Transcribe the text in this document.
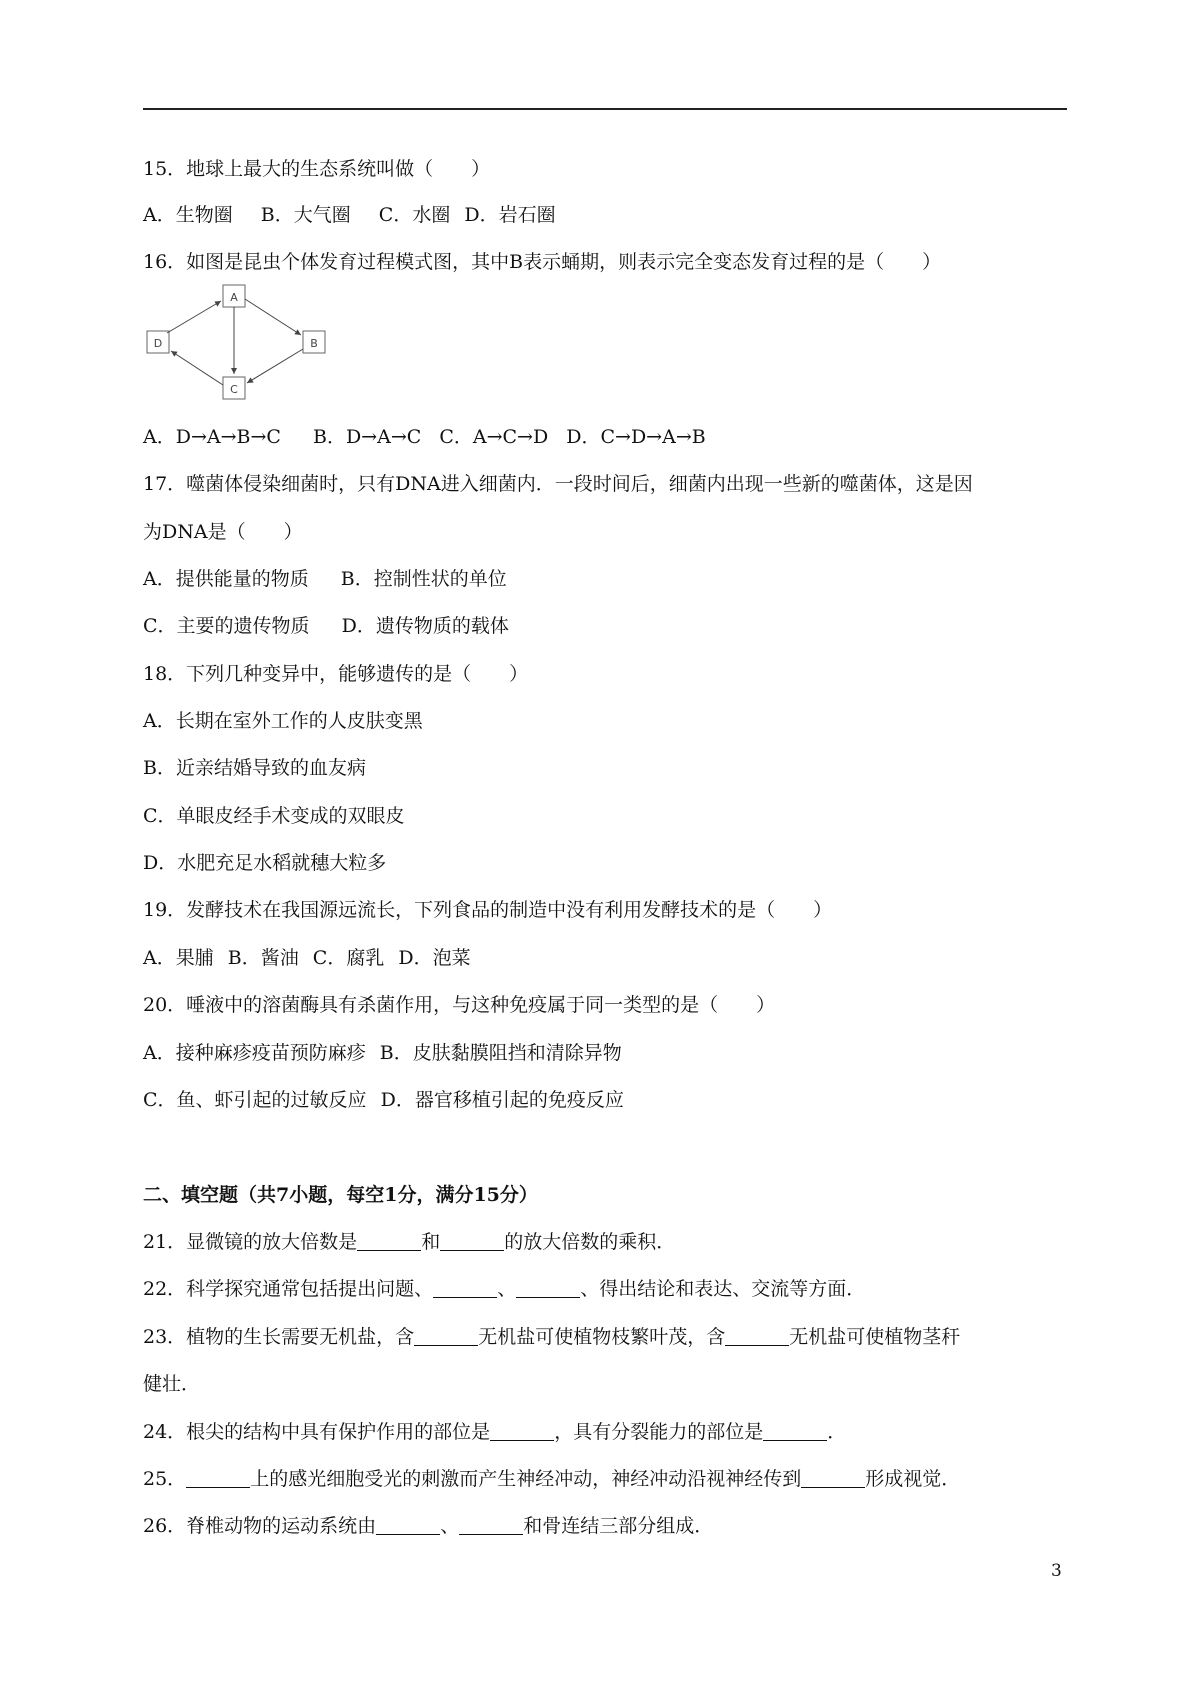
15．地球上最大的生态系统叫做（　　）
A．生物圈 B．大气圈 C．水圈 D．岩石圈
16．如图是昆虫个体发育过程模式图，其中B表示蛹期，则表示完全变态发育过程的是（　　）
A
B
C
D
A．D→A→B→C B．D→A→C C．A→C→D D．C→D→A→B
17．噬菌体侵染细菌时，只有DNA进入细菌内．一段时间后，细菌内出现一些新的噬菌体，这是因
为DNA是（　　）
A．提供能量的物质 B．控制性状的单位
C．主要的遗传物质 D．遗传物质的载体
18．下列几种变异中，能够遗传的是（　　）
A．长期在室外工作的人皮肤变黑
B．近亲结婚导致的血友病
C．单眼皮经手术变成的双眼皮
D．水肥充足水稻就穗大粒多
19．发酵技术在我国源远流长，下列食品的制造中没有利用发酵技术的是（　　）
A．果脯 B．酱油 C．腐乳 D．泡菜
20．唾液中的溶菌酶具有杀菌作用，与这种免疫属于同一类型的是（　　）
A．接种麻疹疫苗预防麻疹 B．皮肤黏膜阻挡和清除异物
C．鱼、虾引起的过敏反应 D．器官移植引起的免疫反应
二、填空题（共7小题，每空1分，满分15分）
21．显微镜的放大倍数是	和	的放大倍数的乘积．
22．科学探究通常包括提出问题、	、	、得出结论和表达、交流等方面．
23．植物的生长需要无机盐，含	无机盐可使植物枝繁叶茂，含	无机盐可使植物茎秆
健壮．
24．根尖的结构中具有保护作用的部位是	，具有分裂能力的部位是	．
25．	上的感光细胞受光的刺激而产生神经冲动，神经冲动沿视神经传到	形成视觉．
26．脊椎动物的运动系统由	、	和骨连结三部分组成．
3
